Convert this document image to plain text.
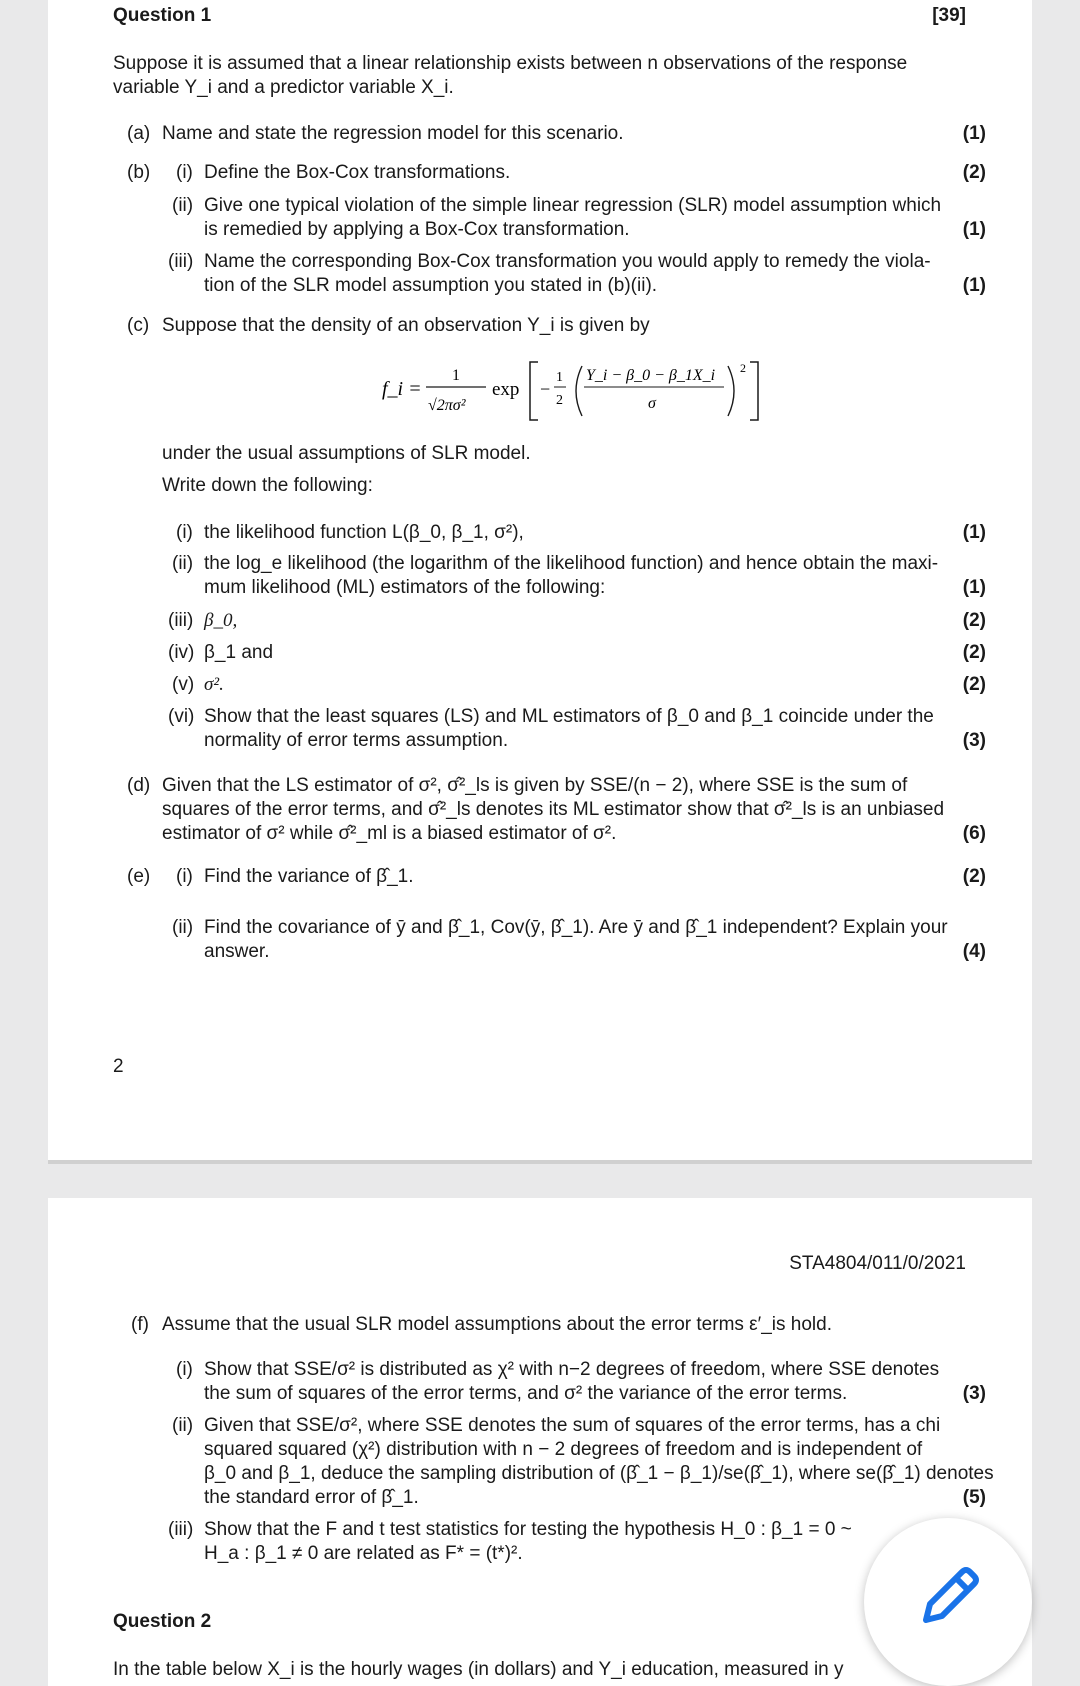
Question 1	[39]
Suppose it is assumed that a linear relationship exists between n observations of the response
variable Y_i and a predictor variable X_i.
(a) Name and state the regression model for this scenario.	(1)
(b) (i) Define the Box-Cox transformations.	(2)
(ii) Give one typical violation of the simple linear regression (SLR) model assumption which
is remedied by applying a Box-Cox transformation.	(1)
(iii) Name the corresponding Box-Cox transformation you would apply to remedy the viola-
tion of the SLR model assumption you stated in (b)(ii).	(1)
(c) Suppose that the density of an observation Y_i is given by
f_i =
1
√2πσ²
exp −
1
2
Y_i − β_0 − β_1X_i
σ
2
under the usual assumptions of SLR model.
Write down the following:
(i) the likelihood function L(β_0, β_1, σ²),	(1)
(ii) the log_e likelihood (the logarithm of the likelihood function) and hence obtain the maxi-
mum likelihood (ML) estimators of the following:	(1)
(iii) β_0,	(2)
(iv) β_1 and	(2)
(v) σ².	(2)
(vi) Show that the least squares (LS) and ML estimators of β_0 and β_1 coincide under the
normality of error terms assumption.	(3)
(d) Given that the LS estimator of σ², σ̂²_ls is given by SSE/(n − 2), where SSE is the sum of
squares of the error terms, and σ̂²_ls denotes its ML estimator show that σ̂²_ls is an unbiased
estimator of σ² while σ̂²_ml is a biased estimator of σ².	(6)
(e) (i) Find the variance of β̂_1.	(2)
(ii) Find the covariance of ȳ and β̂_1, Cov(ȳ, β̂_1). Are ȳ and β̂_1 independent? Explain your
answer.	(4)
2
STA4804/011/0/2021
(f) Assume that the usual SLR model assumptions about the error terms ε′_is hold.
(i) Show that SSE/σ² is distributed as χ² with n−2 degrees of freedom, where SSE denotes
the sum of squares of the error terms, and σ² the variance of the error terms.	(3)
(ii) Given that SSE/σ², where SSE denotes the sum of squares of the error terms, has a chi
squared squared (χ²) distribution with n − 2 degrees of freedom and is independent of
β_0 and β_1, deduce the sampling distribution of (β̂_1 − β_1)/se(β̂_1), where se(β̂_1) denotes
the standard error of β̂_1.	(5)
(iii) Show that the F and t test statistics for testing the hypothesis H_0 : β_1 = 0 ~
H_a : β_1 ≠ 0 are related as F* = (t*)².
Question 2
In the table below X_i is the hourly wages (in dollars) and Y_i education, measured in y
